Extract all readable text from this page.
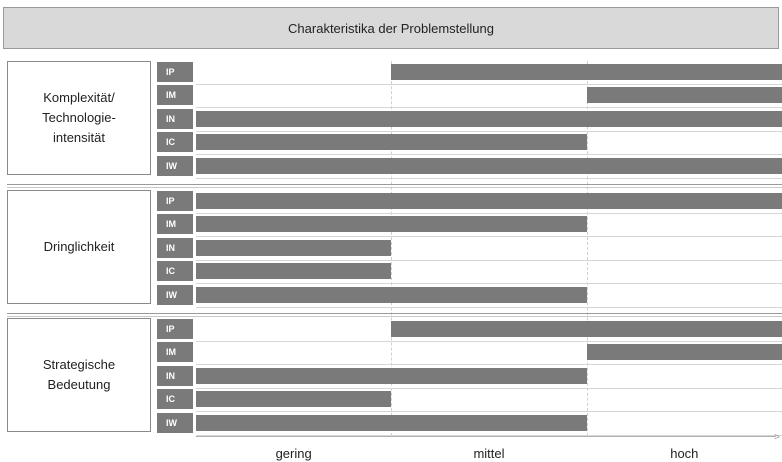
Charakteristika der Problemstellung
Komplexität/
Technologie-
intensität
IP
IM
IN
IC
IW
Dringlichkeit
IP
IM
IN
IC
IW
Strategische
Bedeutung
IP
IM
IN
IC
IW
gering	mittel	hoch
>
